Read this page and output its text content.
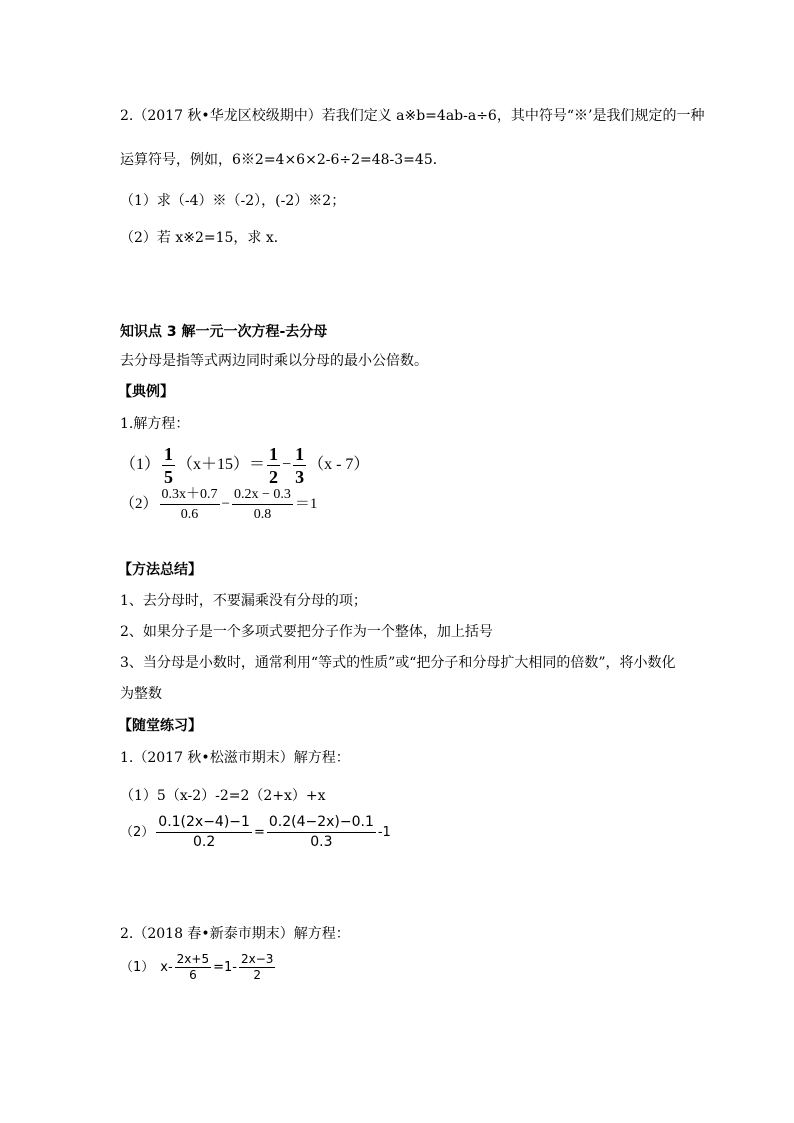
2.（2017 秋•华龙区校级期中）若我们定义 a※b=4ab-a÷6，其中符号“※’是我们规定的一种
运算符号，例如，6※2=4×6×2-6÷2=48-3=45．
（1）求（-4）※（-2），(-2）※2；
（2）若 x※2=15，求 x．
知识点 3 解一元一次方程-去分母
去分母是指等式两边同时乘以分母的最小公倍数。
【典例】
1.解方程：
$(1) \frac{1}{5} (x+15)= \frac{1}{2} - \frac{1}{3} (x - 7)$
$(2) \frac{0.3x+0.7}{0.6} - \frac{0.2x - 0.3}{0.8} =1$
【方法总结】
1、去分母时，不要漏乘没有分母的项；
2、如果分子是一个多项式要把分子作为一个整体，加上括号
3、当分母是小数时，通常利用“等式的性质”或“把分子和分母扩大相同的倍数”，将小数化
为整数
【随堂练习】
1.（2017 秋•松滋市期末）解方程：
（1）5（x-2）-2=2（2+x）+x
$(2) \frac{0.1(2x-4)-1}{0.2} = \frac{0.2(4-2x)-0.1}{0.3} -1$
2.（2018 春•新泰市期末）解方程：
（1） $x- \frac{2x+5}{6} =1- \frac{2x-3}{2}$
